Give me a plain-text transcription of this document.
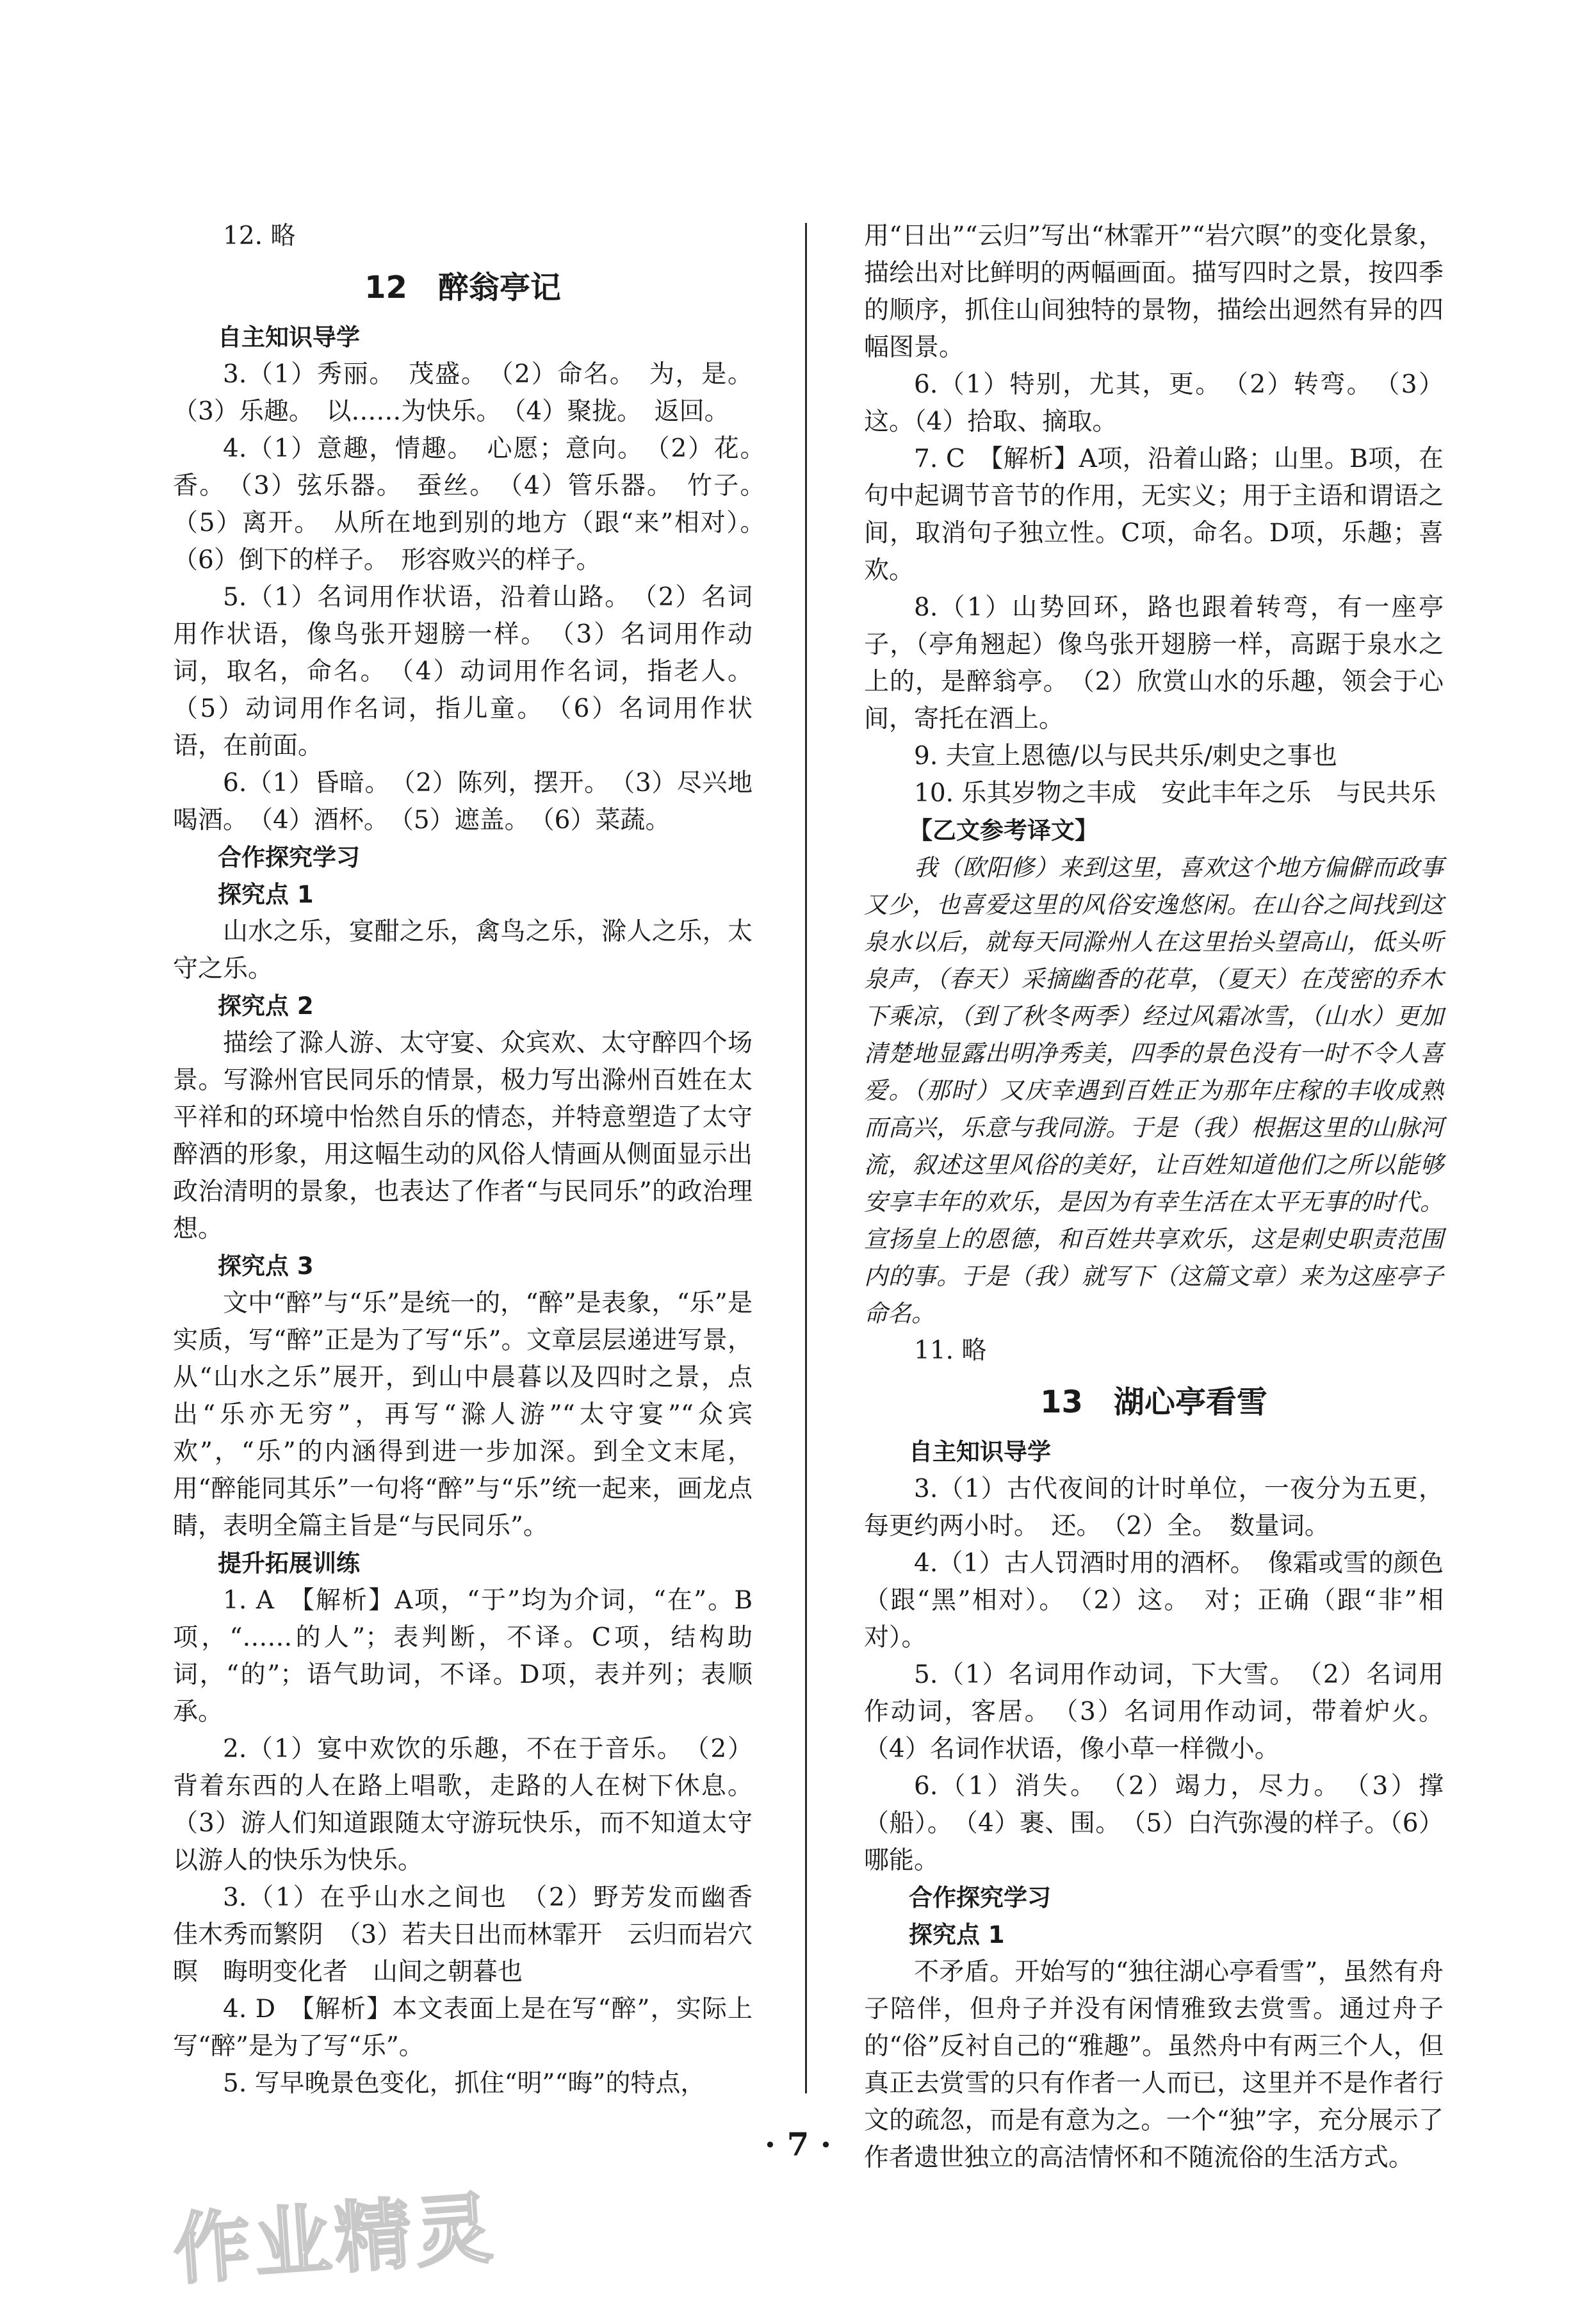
12. 略

12　醉翁亭记
自主知识导学

3.（1）秀丽。　茂盛。　（2）命名。　为，是。（3）乐趣。　以……为快乐。　（4）聚拢。　返回。

4.（1）意趣，情趣。　心愿；意向。　（2）花。　香。　（3）弦乐器。　蚕丝。　（4）管乐器。　竹子。　（5）离开。　从所在地到别的地方（跟“来”相对）。　（6）倒下的样子。　形容败兴的样子。

5.（1）名词用作状语，沿着山路。　（2）名词用作状语，像鸟张开翅膀一样。　（3）名词用作动词，取名，命名。　（4）动词用作名词，指老人。（5）动词用作名词，指儿童。　（6）名词用作状语，在前面。

6.（1）昏暗。　（2）陈列，摆开。　（3）尽兴地喝酒。　（4）酒杯。　（5）遮盖。　（6）菜蔬。

合作探究学习
探究点 1

山水之乐，宴酣之乐，禽鸟之乐，滁人之乐，太守之乐。

探究点 2

描绘了滁人游、太守宴、众宾欢、太守醉四个场景。写滁州官民同乐的情景，极力写出滁州百姓在太平祥和的环境中怡然自乐的情态，并特意塑造了太守醉酒的形象，用这幅生动的风俗人情画从侧面显示出政治清明的景象，也表达了作者“与民同乐”的政治理想。

探究点 3

文中“醉”与“乐”是统一的，“醉”是表象，“乐”是实质，写“醉”正是为了写“乐”。文章层层递进写景，从“山水之乐”展开，到山中晨暮以及四时之景，点出“乐亦无穷”，再写“滁人游”“太守宴”“众宾欢”，“乐”的内涵得到进一步加深。到全文末尾，用“醉能同其乐”一句将“醉”与“乐”统一起来，画龙点睛，表明全篇主旨是“与民同乐”。

提升拓展训练

1. A　【解析】A项，“于”均为介词，“在”。B项，“……的人”；表判断，不译。C项，结构助词，“的”；语气助词，不译。D项，表并列；表顺承。

2.（1）宴中欢饮的乐趣，不在于音乐。　（2）背着东西的人在路上唱歌，走路的人在树下休息。（3）游人们知道跟随太守游玩快乐，而不知道太守以游人的快乐为快乐。

3.（1）在乎山水之间也　（2）野芳发而幽香　佳木秀而繁阴　（3）若夫日出而林霏开　云归而岩穴暝　晦明变化者　山间之朝暮也

4. D　【解析】本文表面上是在写“醉”，实际上写“醉”是为了写“乐”。

5. 写早晚景色变化，抓住“明”“晦”的特点，

用“日出”“云归”写出“林霏开”“岩穴暝”的变化景象，描绘出对比鲜明的两幅画面。描写四时之景，按四季的顺序，抓住山间独特的景物，描绘出迥然有异的四幅图景。

6.（1）特别，尤其，更。　（2）转弯。　（3）这。（4）拾取、摘取。

7. C　【解析】A项，沿着山路；山里。B项，在句中起调节音节的作用，无实义；用于主语和谓语之间，取消句子独立性。C项，命名。D项，乐趣；喜欢。

8.（1）山势回环，路也跟着转弯，有一座亭子，（亭角翘起）像鸟张开翅膀一样，高踞于泉水之上的，是醉翁亭。　（2）欣赏山水的乐趣，领会于心间，寄托在酒上。

9. 夫宣上恩德/以与民共乐/刺史之事也

10. 乐其岁物之丰成　安此丰年之乐　与民共乐

【乙文参考译文】

我（欧阳修）来到这里，喜欢这个地方偏僻而政事又少，也喜爱这里的风俗安逸悠闲。在山谷之间找到这泉水以后，就每天同滁州人在这里抬头望高山，低头听泉声，（春天）采摘幽香的花草，（夏天）在茂密的乔木下乘凉，（到了秋冬两季）经过风霜冰雪，（山水）更加清楚地显露出明净秀美，四季的景色没有一时不令人喜爱。（那时）又庆幸遇到百姓正为那年庄稼的丰收成熟而高兴，乐意与我同游。于是（我）根据这里的山脉河流，叙述这里风俗的美好，让百姓知道他们之所以能够安享丰年的欢乐，是因为有幸生活在太平无事的时代。宣扬皇上的恩德，和百姓共享欢乐，这是刺史职责范围内的事。于是（我）就写下（这篇文章）来为这座亭子命名。

11. 略

13　湖心亭看雪
自主知识导学

3.（1）古代夜间的计时单位，一夜分为五更，每更约两小时。　还。　（2）全。　数量词。

4.（1）古人罚酒时用的酒杯。　像霜或雪的颜色（跟“黑”相对）。　（2）这。　对；正确（跟“非”相对）。

5.（1）名词用作动词，下大雪。　（2）名词用作动词，客居。　（3）名词用作动词，带着炉火。（4）名词作状语，像小草一样微小。

6.（1）消失。　（2）竭力，尽力。　（3）撑（船）。　（4）裹、围。　（5）白汽弥漫的样子。（6）哪能。

合作探究学习
探究点 1

不矛盾。开始写的“独往湖心亭看雪”，虽然有舟子陪伴，但舟子并没有闲情雅致去赏雪。通过舟子的“俗”反衬自己的“雅趣”。虽然舟中有两三个人，但真正去赏雪的只有作者一人而已，这里并不是作者行文的疏忽，而是有意为之。一个“独”字，充分展示了作者遗世独立的高洁情怀和不随流俗的生活方式。

· 7 ·
作业精灵
